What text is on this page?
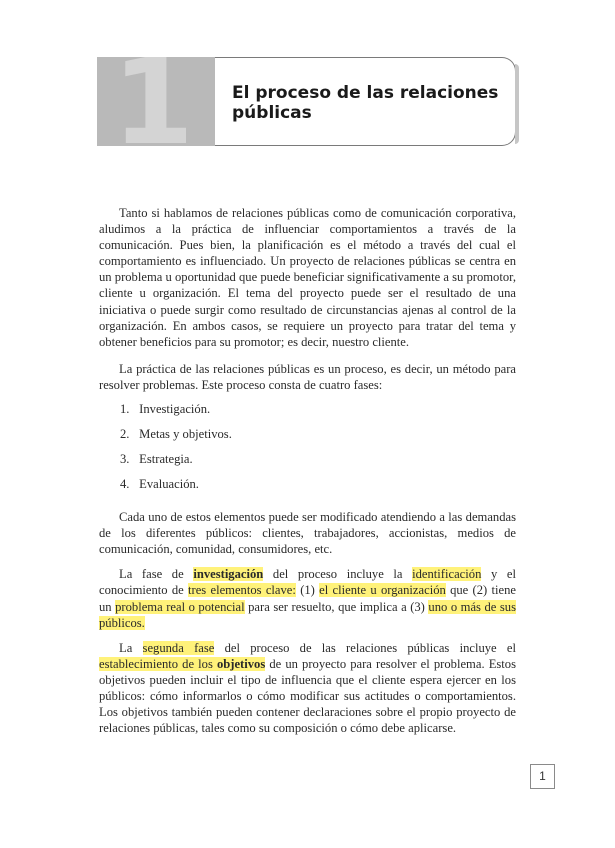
1 El proceso de las relaciones públicas

Tanto si hablamos de relaciones públicas como de comunicación corporativa, aludimos a la práctica de influenciar comportamientos a través de la comunicación. Pues bien, la planificación es el método a través del cual el comportamiento es influenciado. Un proyecto de relaciones públicas se centra en un problema u oportunidad que puede beneficiar significativamente a su promotor, cliente u organización. El tema del proyecto puede ser el resultado de una iniciativa o puede surgir como resultado de circunstancias ajenas al control de la organización. En ambos casos, se requiere un proyecto para tratar del tema y obtener beneficios para su promotor; es decir, nuestro cliente.

La práctica de las relaciones públicas es un proceso, es decir, un método para resolver problemas. Este proceso consta de cuatro fases:

1. Investigación.
2. Metas y objetivos.
3. Estrategia.
4. Evaluación.

Cada uno de estos elementos puede ser modificado atendiendo a las demandas de los diferentes públicos: clientes, trabajadores, accionistas, medios de comunicación, comunidad, consumidores, etc.

La fase de investigación del proceso incluye la identificación y el conocimiento de tres elementos clave: (1) el cliente u organización que (2) tiene un problema real o potencial para ser resuelto, que implica a (3) uno o más de sus públicos.

La segunda fase del proceso de las relaciones públicas incluye el establecimiento de los objetivos de un proyecto para resolver el problema. Estos objetivos pueden incluir el tipo de influencia que el cliente espera ejercer en los públicos: cómo informarlos o cómo modificar sus actitudes o comportamientos. Los objetivos también pueden contener declaraciones sobre el propio proyecto de relaciones públicas, tales como su composición o cómo debe aplicarse.

1
